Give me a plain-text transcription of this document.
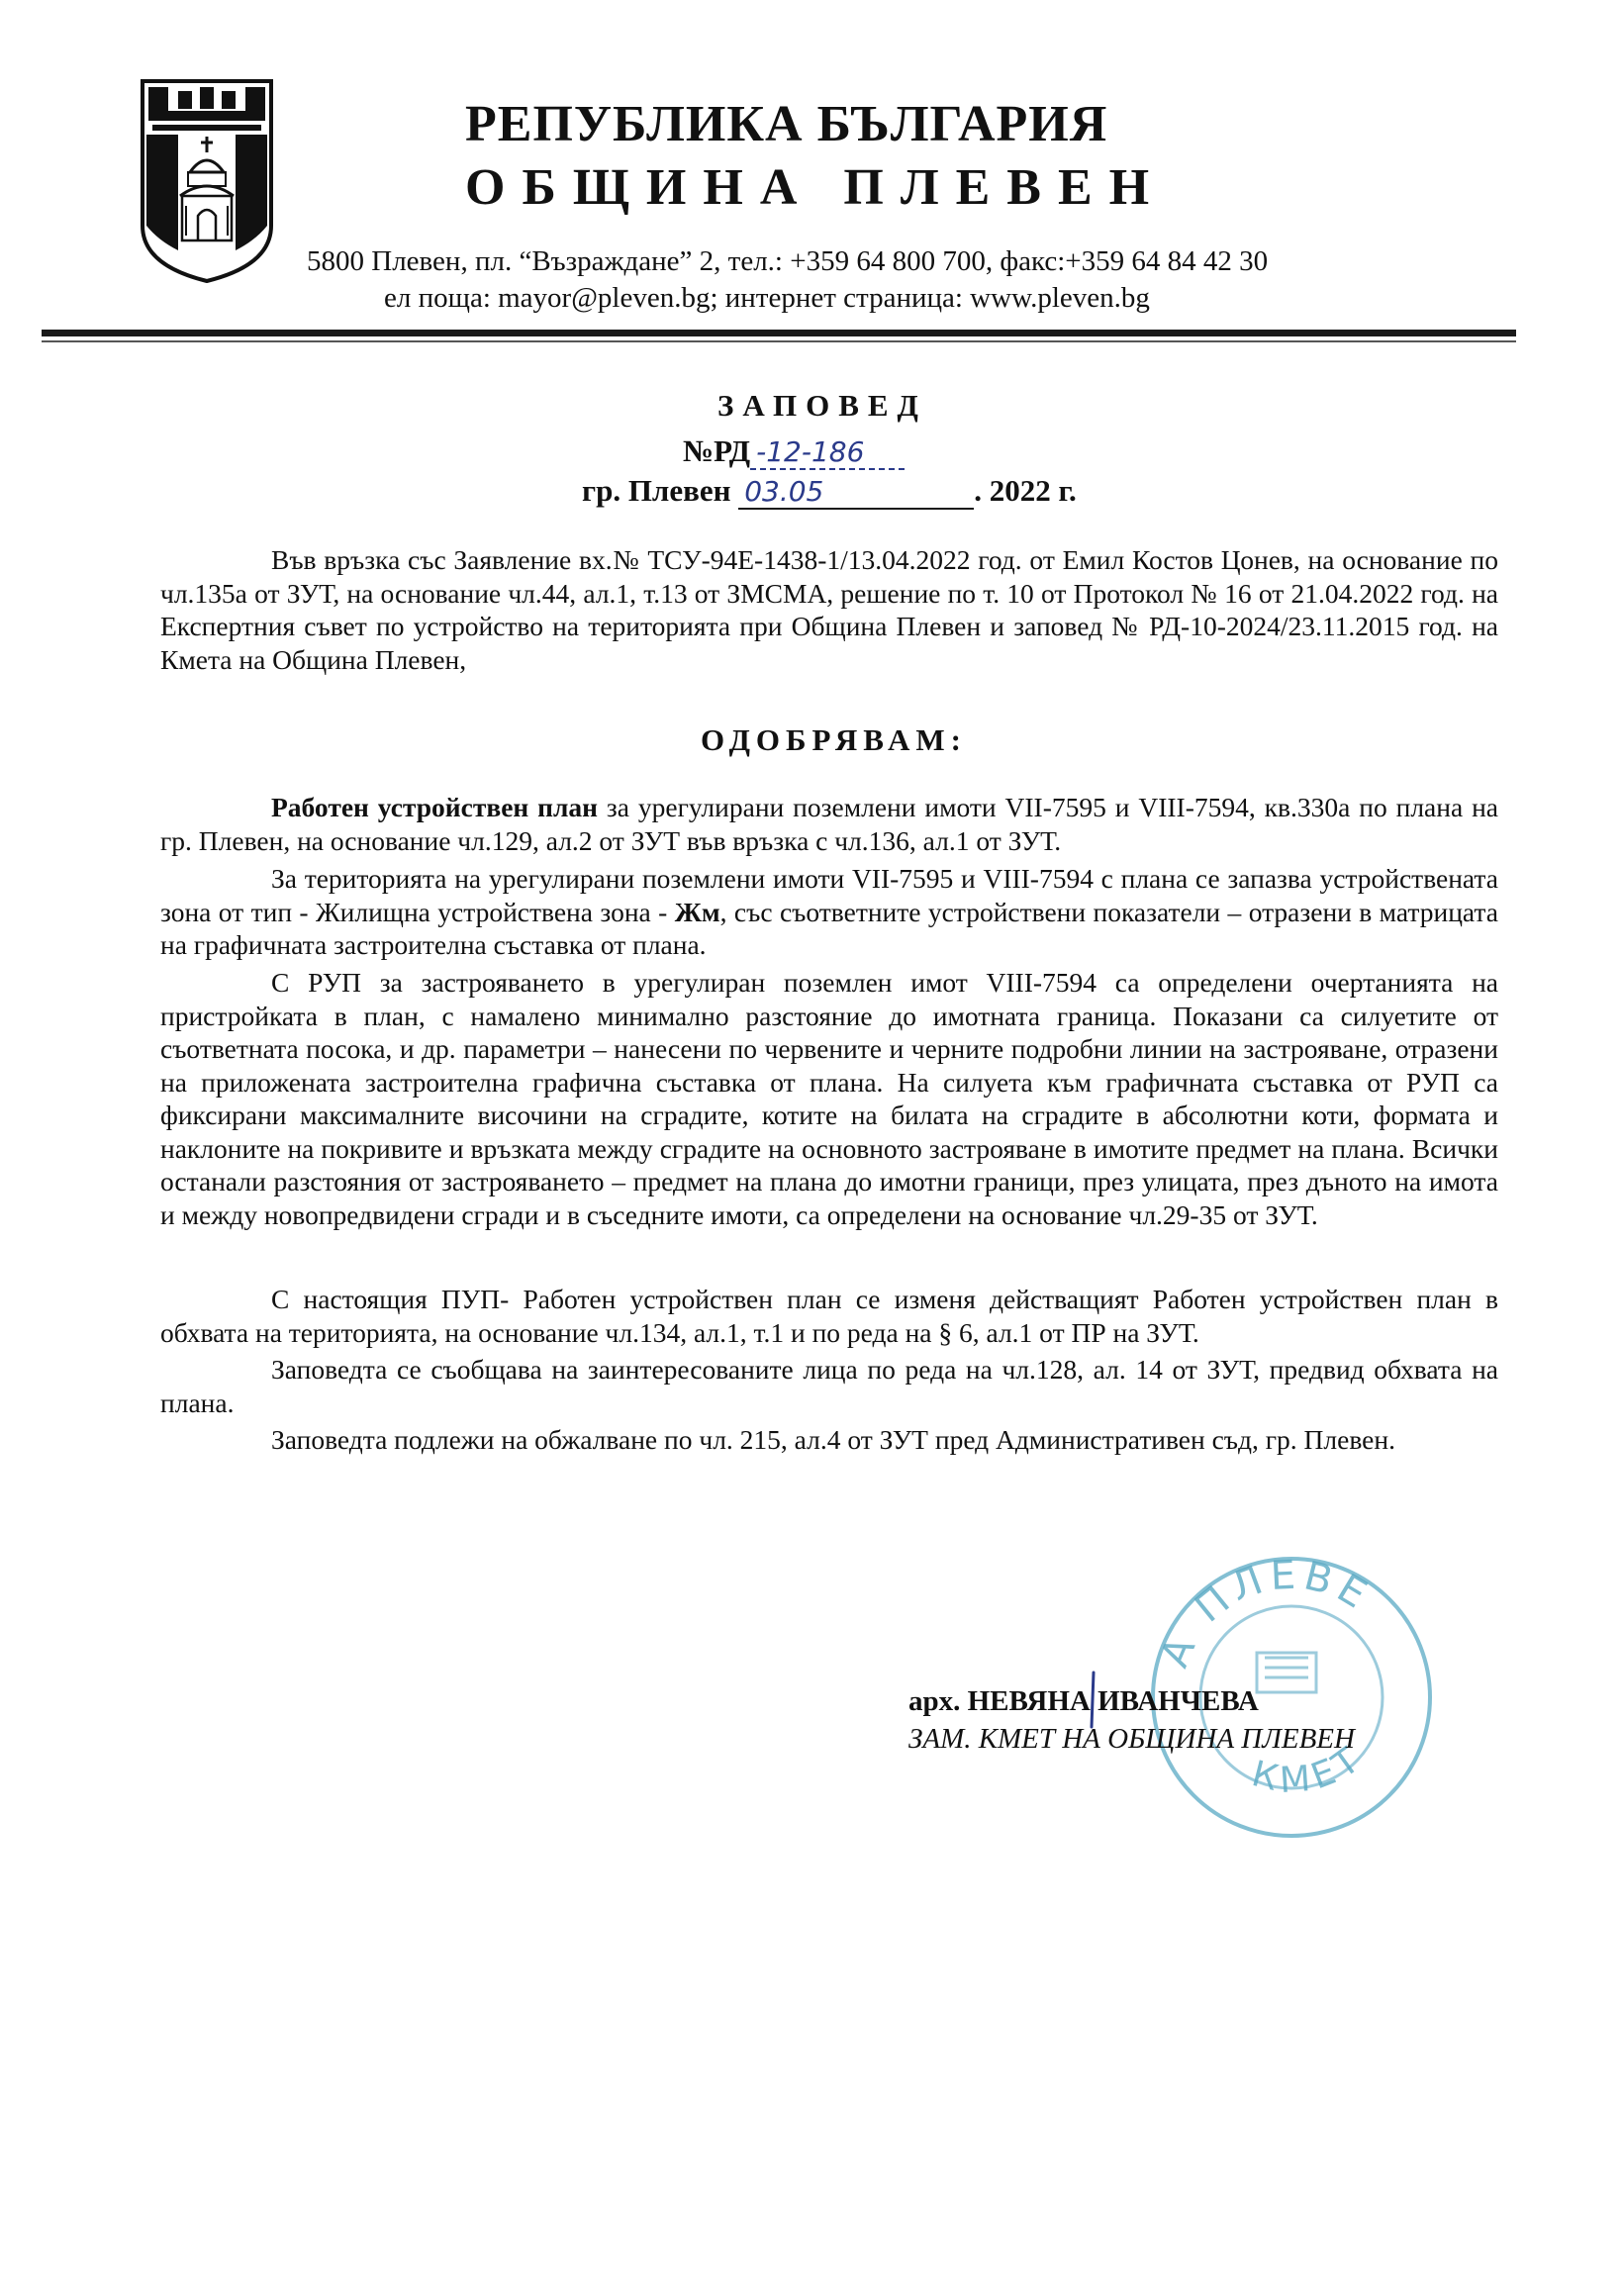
РЕПУБЛИКА БЪЛГАРИЯ
ОБЩИНА ПЛЕВЕН
5800 Плевен, пл. “Възраждане” 2, тел.: +359 64 800 700, факс:+359 64 84 42 30
ел поща: mayor@pleven.bg; интернет страница: www.pleven.bg
ЗАПОВЕД
№РД -12-186
гр. Плевен 03.05	. 2022 г.
Във връзка със Заявление вх.№ ТСУ-94Е-1438-1/13.04.2022 год. от Емил Костов Цонев, на основание по чл.135а от ЗУТ, на основание чл.44, ал.1, т.13 от ЗМСМА, решение по т. 10 от Протокол № 16 от 21.04.2022 год. на Експертния съвет по устройство на територията при Община Плевен и заповед № РД-10-2024/23.11.2015 год. на Кмета на Община Плевен,
ОДОБРЯВАМ:
Работен устройствен план за урегулирани поземлени имоти VII-7595 и VIII-7594, кв.330а по плана на гр. Плевен, на основание чл.129, ал.2 от ЗУТ във връзка с чл.136, ал.1 от ЗУТ.
За територията на урегулирани поземлени имоти VII-7595 и VIII-7594 с плана се запазва устройствената зона от тип - Жилищна устройствена зона - Жм, със съответните устройствени показатели – отразени в матрицата на графичната застроителна съставка от плана.
С РУП за застрояването в урегулиран поземлен имот VIII-7594 са определени очертанията на пристройката в план, с намалено минимално разстояние до имотната граница. Показани са силуетите от съответната посока, и др. параметри – нанесени по червените и черните подробни линии на застрояване, отразени на приложената застроителна графична съставка от плана. На силуета към графичната съставка от РУП са фиксирани максималните височини на сградите, котите на билата на сградите в абсолютни коти, формата и наклоните на покривите и връзката между сградите на основното застрояване в имотите предмет на плана. Всички останали разстояния от застрояването – предмет на плана до имотни граници, през улицата, през дъното на имота и между новопредвидени сгради и в съседните имоти, са определени на основание чл.29-35 от ЗУТ.
С настоящия ПУП- Работен устройствен план се изменя действащият Работен устройствен план в обхвата на територията, на основание чл.134, ал.1, т.1 и по реда на § 6, ал.1 от ПР на ЗУТ.
Заповедта се съобщава на заинтересованите лица по реда на чл.128, ал. 14 от ЗУТ, предвид обхвата на плана.
Заповедта подлежи на обжалване по чл. 215, ал.4 от ЗУТ пред Административен съд, гр. Плевен.
А ПЛЕВЕ
КМЕТ
арх. НЕВЯНА ИВАНЧЕВА
ЗАМ. КМЕТ НА ОБЩИНА ПЛЕВЕН
